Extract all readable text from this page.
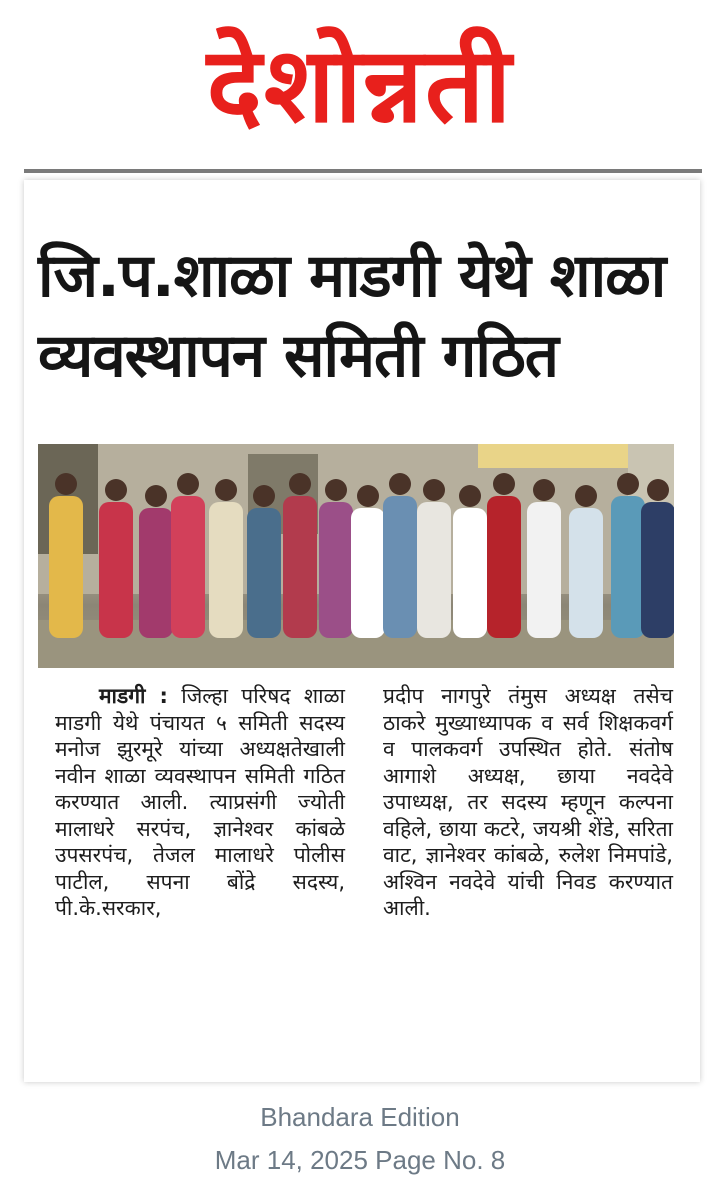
देशोन्नती
जि.प.शाळा माडगी येथे शाळा व्यवस्थापन समिती गठित
माडगी : जिल्हा परिषद शाळा माडगी येथे पंचायत ५ समिती सदस्य मनोज झुरमूरे यांच्या अध्यक्षतेखाली नवीन शाळा व्यवस्थापन समिती गठित करण्यात आली. त्याप्रसंगी ज्योती मालाधरे सरपंच, ज्ञानेश्वर कांबळे उपसरपंच, तेजल मालाधरे पोलीस पाटील, सपना बोंद्रे सदस्य, पी.के.सरकार,
प्रदीप नागपुरे तंमुस अध्यक्ष तसेच ठाकरे मुख्याध्यापक व सर्व शिक्षकवर्ग व पालकवर्ग उपस्थित होते. संतोष आगाशे अध्यक्ष, छाया नवदेवे उपाध्यक्ष, तर सदस्य म्हणून कल्पना वहिले, छाया कटरे, जयश्री शेंडे, सरिता वाट, ज्ञानेश्वर कांबळे, रुलेश निमपांडे, अश्विन नवदेवे यांची निवड करण्यात आली.
Bhandara Edition
Mar 14, 2025 Page No. 8
